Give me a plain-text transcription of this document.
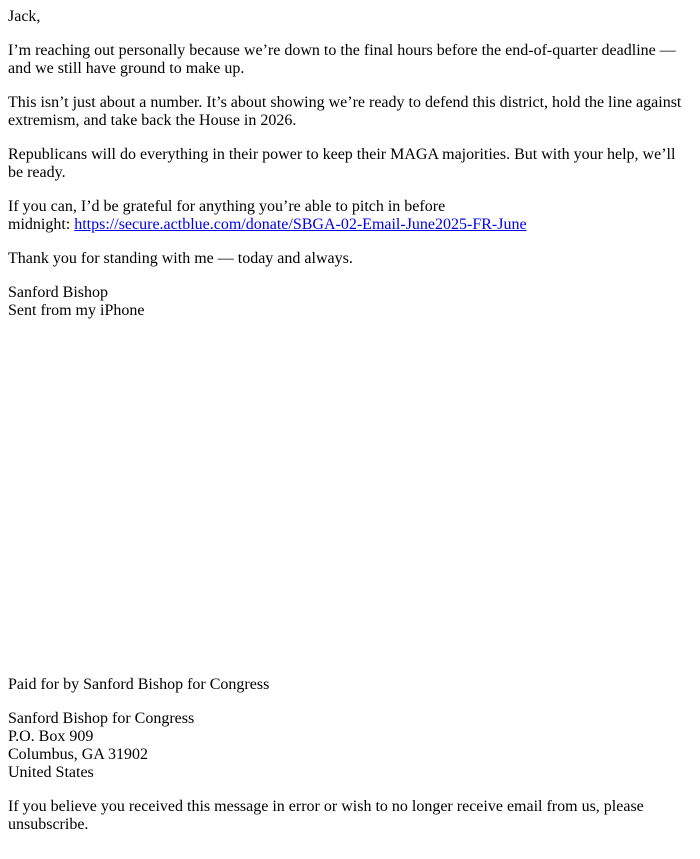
Jack,

I’m reaching out personally because we’re down to the final hours before the end-of-quarter deadline — and we still have ground to make up.

This isn’t just about a number. It’s about showing we’re ready to defend this district, hold the line against extremism, and take back the House in 2026.

Republicans will do everything in their power to keep their MAGA majorities. But with your help, we’ll be ready.

If you can, I’d be grateful for anything you’re able to pitch in before
midnight: https://secure.actblue.com/donate/SBGA-02-Email-June2025-FR-June

Thank you for standing with me — today and always.

Sanford Bishop
Sent from my iPhone

Paid for by Sanford Bishop for Congress

Sanford Bishop for Congress
P.O. Box 909
Columbus, GA 31902
United States

If you believe you received this message in error or wish to no longer receive email from us, please unsubscribe.
